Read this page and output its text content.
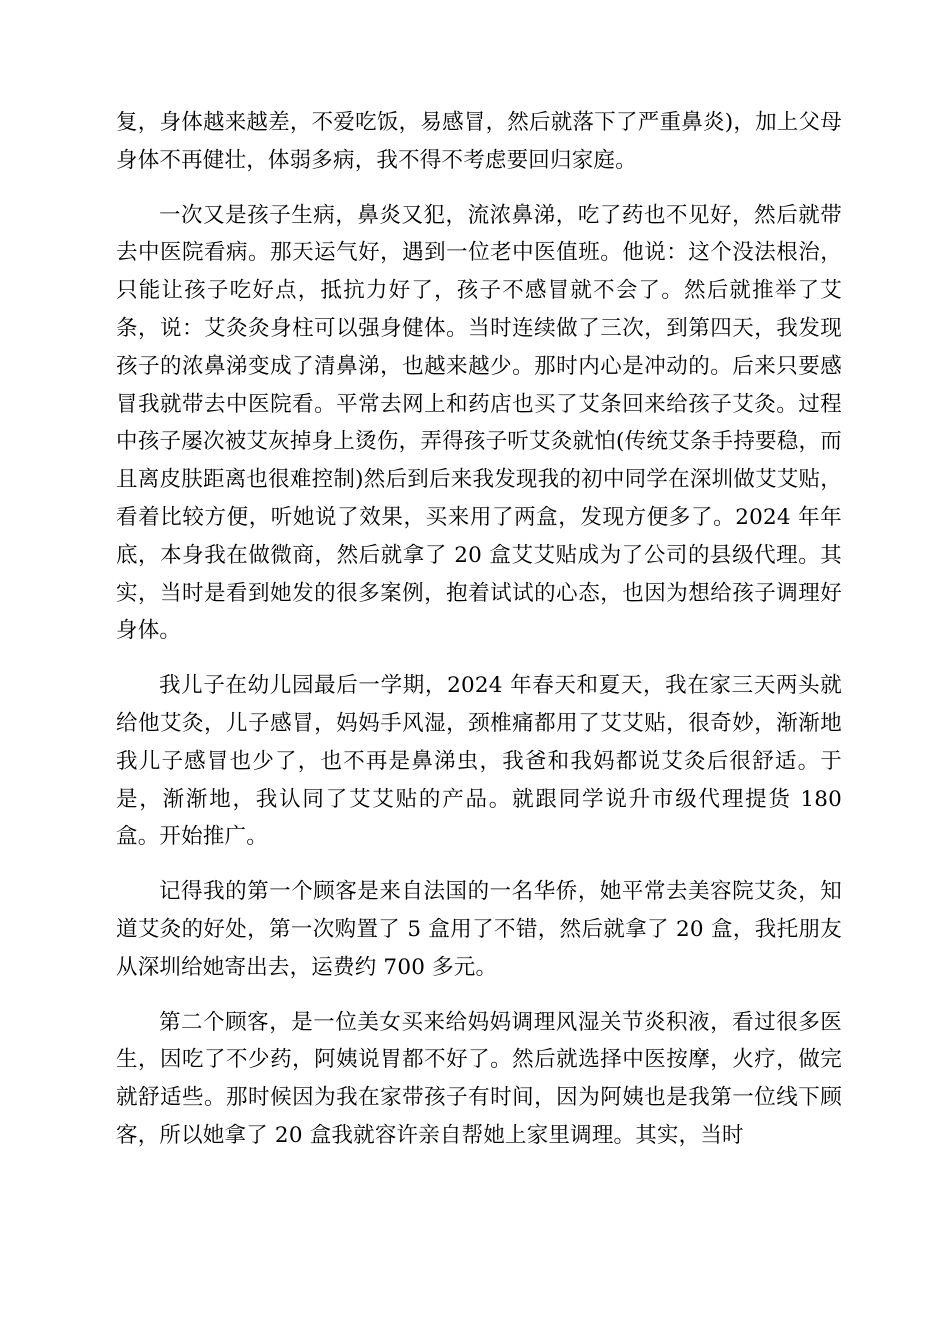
复，身体越来越差，不爱吃饭，易感冒，然后就落下了严重鼻炎)，加上父母身体不再健壮，体弱多病，我不得不考虑要回归家庭。

一次又是孩子生病，鼻炎又犯，流浓鼻涕，吃了药也不见好，然后就带去中医院看病。那天运气好，遇到一位老中医值班。他说：这个没法根治，只能让孩子吃好点，抵抗力好了，孩子不感冒就不会了。然后就推举了艾条，说：艾灸灸身柱可以强身健体。当时连续做了三次，到第四天，我发现孩子的浓鼻涕变成了清鼻涕，也越来越少。那时内心是冲动的。后来只要感冒我就带去中医院看。平常去网上和药店也买了艾条回来给孩子艾灸。过程中孩子屡次被艾灰掉身上烫伤，弄得孩子听艾灸就怕(传统艾条手持要稳，而且离皮肤距离也很难控制)然后到后来我发现我的初中同学在深圳做艾艾贴，看着比较方便，听她说了效果，买来用了两盒，发现方便多了。2024 年年底，本身我在做微商，然后就拿了 20 盒艾艾贴成为了公司的县级代理。其实，当时是看到她发的很多案例，抱着试试的心态，也因为想给孩子调理好身体。

我儿子在幼儿园最后一学期，2024 年春天和夏天，我在家三天两头就给他艾灸，儿子感冒，妈妈手风湿，颈椎痛都用了艾艾贴，很奇妙，渐渐地我儿子感冒也少了，也不再是鼻涕虫，我爸和我妈都说艾灸后很舒适。于是，渐渐地，我认同了艾艾贴的产品。就跟同学说升市级代理提货 180 盒。开始推广。

记得我的第一个顾客是来自法国的一名华侨，她平常去美容院艾灸，知道艾灸的好处，第一次购置了 5 盒用了不错，然后就拿了 20 盒，我托朋友从深圳给她寄出去，运费约 700 多元。

第二个顾客，是一位美女买来给妈妈调理风湿关节炎积液，看过很多医生，因吃了不少药，阿姨说胃都不好了。然后就选择中医按摩，火疗，做完就舒适些。那时候因为我在家带孩子有时间，因为阿姨也是我第一位线下顾客，所以她拿了 20 盒我就容许亲自帮她上家里调理。其实，当时
